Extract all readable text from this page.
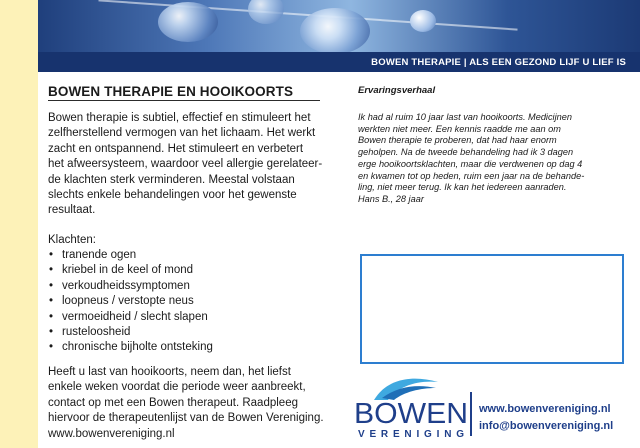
BOWEN THERAPIE | ALS EEN GEZOND LIJF U LIEF IS
BOWEN THERAPIE EN HOOIKOORTS
Bowen therapie is subtiel, effectief en stimuleert het
zelfherstellend vermogen van het lichaam. Het werkt
zacht en ontspannend. Het stimuleert en verbetert
het afweersysteem, waardoor veel allergie gerelateer-
de klachten sterk verminderen. Meestal volstaan
slechts enkele behandelingen voor het gewenste
resultaat.
Klachten:
• tranende ogen
• kriebel in de keel of mond
• verkoudheidssymptomen
• loopneus / verstopte neus
• vermoeidheid / slecht slapen
• rusteloosheid
• chronische bijholte ontsteking
Heeft u last van hooikoorts, neem dan, het liefst
enkele weken voordat die periode weer aanbreekt,
contact op met een Bowen therapeut. Raadpleeg
hiervoor de therapeutenlijst van de Bowen Vereniging.
www.bowenvereniging.nl
Ervaringsverhaal
Ik had al ruim 10 jaar last van hooikoorts. Medicijnen
werkten niet meer. Een kennis raadde me aan om
Bowen therapie te proberen, dat had haar enorm
geholpen. Na de tweede behandeling had ik 3 dagen
erge hooikoortsklachten, maar die verdwenen op dag 4
en kwamen tot op heden, ruim een jaar na de behande-
ling, niet meer terug. Ik kan het iedereen aanraden.
Hans B., 28 jaar
BOWEN
VERENIGING
www.bowenvereniging.nl
info@bowenvereniging.nl
